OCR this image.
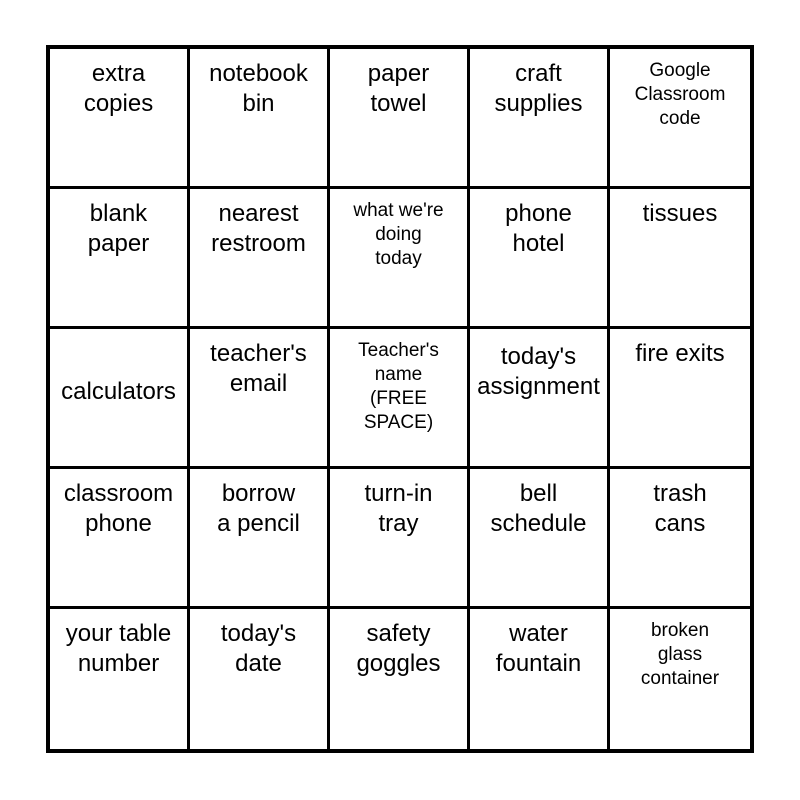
extra
copies
notebook
bin
paper
towel
craft
supplies
Google
Classroom
code
blank
paper
nearest
restroom
what we're
doing
today
phone
hotel
tissues
calculators
teacher's
email
Teacher's
name
(FREE
SPACE)
today's
assignment
fire exits
classroom
phone
borrow
a pencil
turn-in
tray
bell
schedule
trash
cans
your table
number
today's
date
safety
goggles
water
fountain
broken
glass
container
